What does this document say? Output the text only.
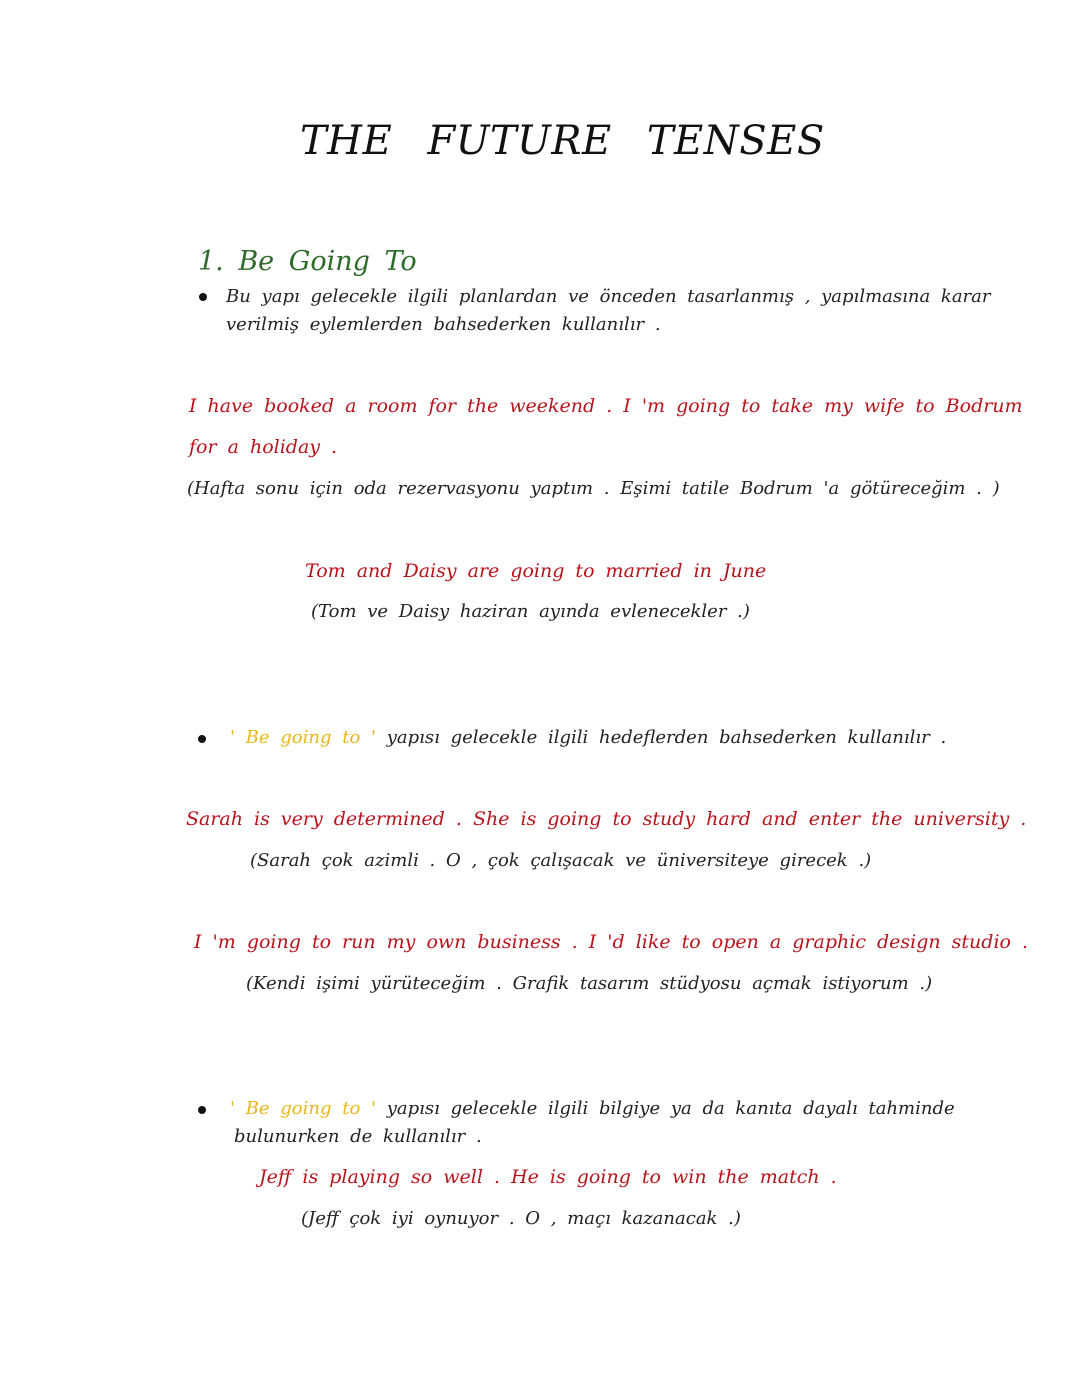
THE FUTURE TENSES
1. Be Going To
Bu yapı gelecekle ilgili planlardan ve önceden tasarlanmış , yapılmasına karar
verilmiş eylemlerden bahsederken kullanılır .
I have booked a room for the weekend . I 'm going to take my wife to Bodrum
for a holiday .
(Hafta sonu için oda rezervasyonu yaptım . Eşimi tatile Bodrum 'a götüreceğim . )
Tom and Daisy are going to married in June
(Tom ve Daisy haziran ayında evlenecekler .)
' Be going to ' yapısı gelecekle ilgili hedeflerden bahsederken kullanılır .
Sarah is very determined . She is going to study hard and enter the university .
(Sarah çok azimli . O , çok çalışacak ve üniversiteye girecek .)
I 'm going to run my own business . I 'd like to open a graphic design studio .
(Kendi işimi yürüteceğim . Grafik tasarım stüdyosu açmak istiyorum .)
' Be going to ' yapısı gelecekle ilgili bilgiye ya da kanıta dayalı tahminde
bulunurken de kullanılır .
Jeff is playing so well . He is going to win the match .
(Jeff çok iyi oynuyor . O , maçı kazanacak .)
